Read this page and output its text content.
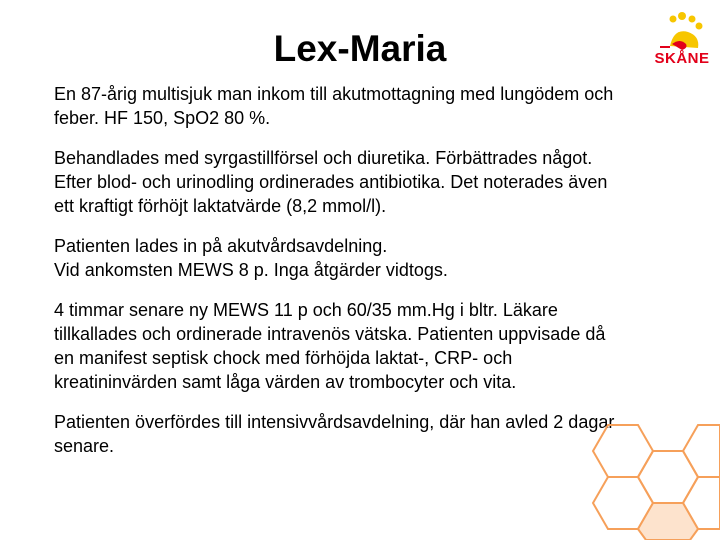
Lex-Maria	SKÅNE

En 87-årig multisjuk man inkom till akutmottagning med lungödem och
feber. HF 150, SpO2 80 %.

Behandlades med syrgastillförsel och diuretika. Förbättrades något.
Efter blod- och urinodling ordinerades antibiotika. Det noterades även
ett kraftigt förhöjt laktatvärde (8,2 mmol/l).

Patienten lades in på akutvårdsavdelning.
Vid ankomsten MEWS 8 p. Inga åtgärder vidtogs.

4 timmar senare ny MEWS 11 p och 60/35 mm.Hg i bltr. Läkare
tillkallades och ordinerade intravenös vätska. Patienten uppvisade då
en manifest septisk chock med förhöjda laktat-, CRP- och
kreatininvärden samt låga värden av trombocyter och vita.

Patienten överfördes till intensivvårdsavdelning, där han avled 2 dagar
senare.
